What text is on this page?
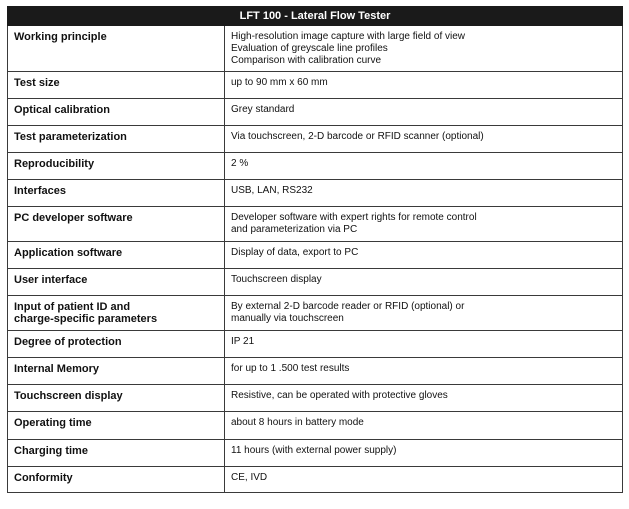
LFT 100 - Lateral Flow Tester	

Working principle	High-resolution image capture with large field of view
Evaluation of greyscale line profiles
Comparison with calibration curve

Test size	up to 90 mm x 60 mm

Optical calibration	Grey standard

Test parameterization	Via touchscreen, 2-D barcode or RFID scanner (optional)

Reproducibility	2 %

Interfaces	USB, LAN, RS232

PC developer software	Developer software with expert rights for remote control
and parameterization via PC

Application software	Display of data, export to PC

User interface	Touchscreen display

Input of patient ID and
charge-specific parameters	By external 2-D barcode reader or RFID (optional) or
manually via touchscreen

Degree of protection	IP 21

Internal Memory	for up to 1 .500 test results

Touchscreen display	Resistive, can be operated with protective gloves

Operating time	about 8 hours in battery mode

Charging time	11 hours (with external power supply)

Conformity	CE, IVD
